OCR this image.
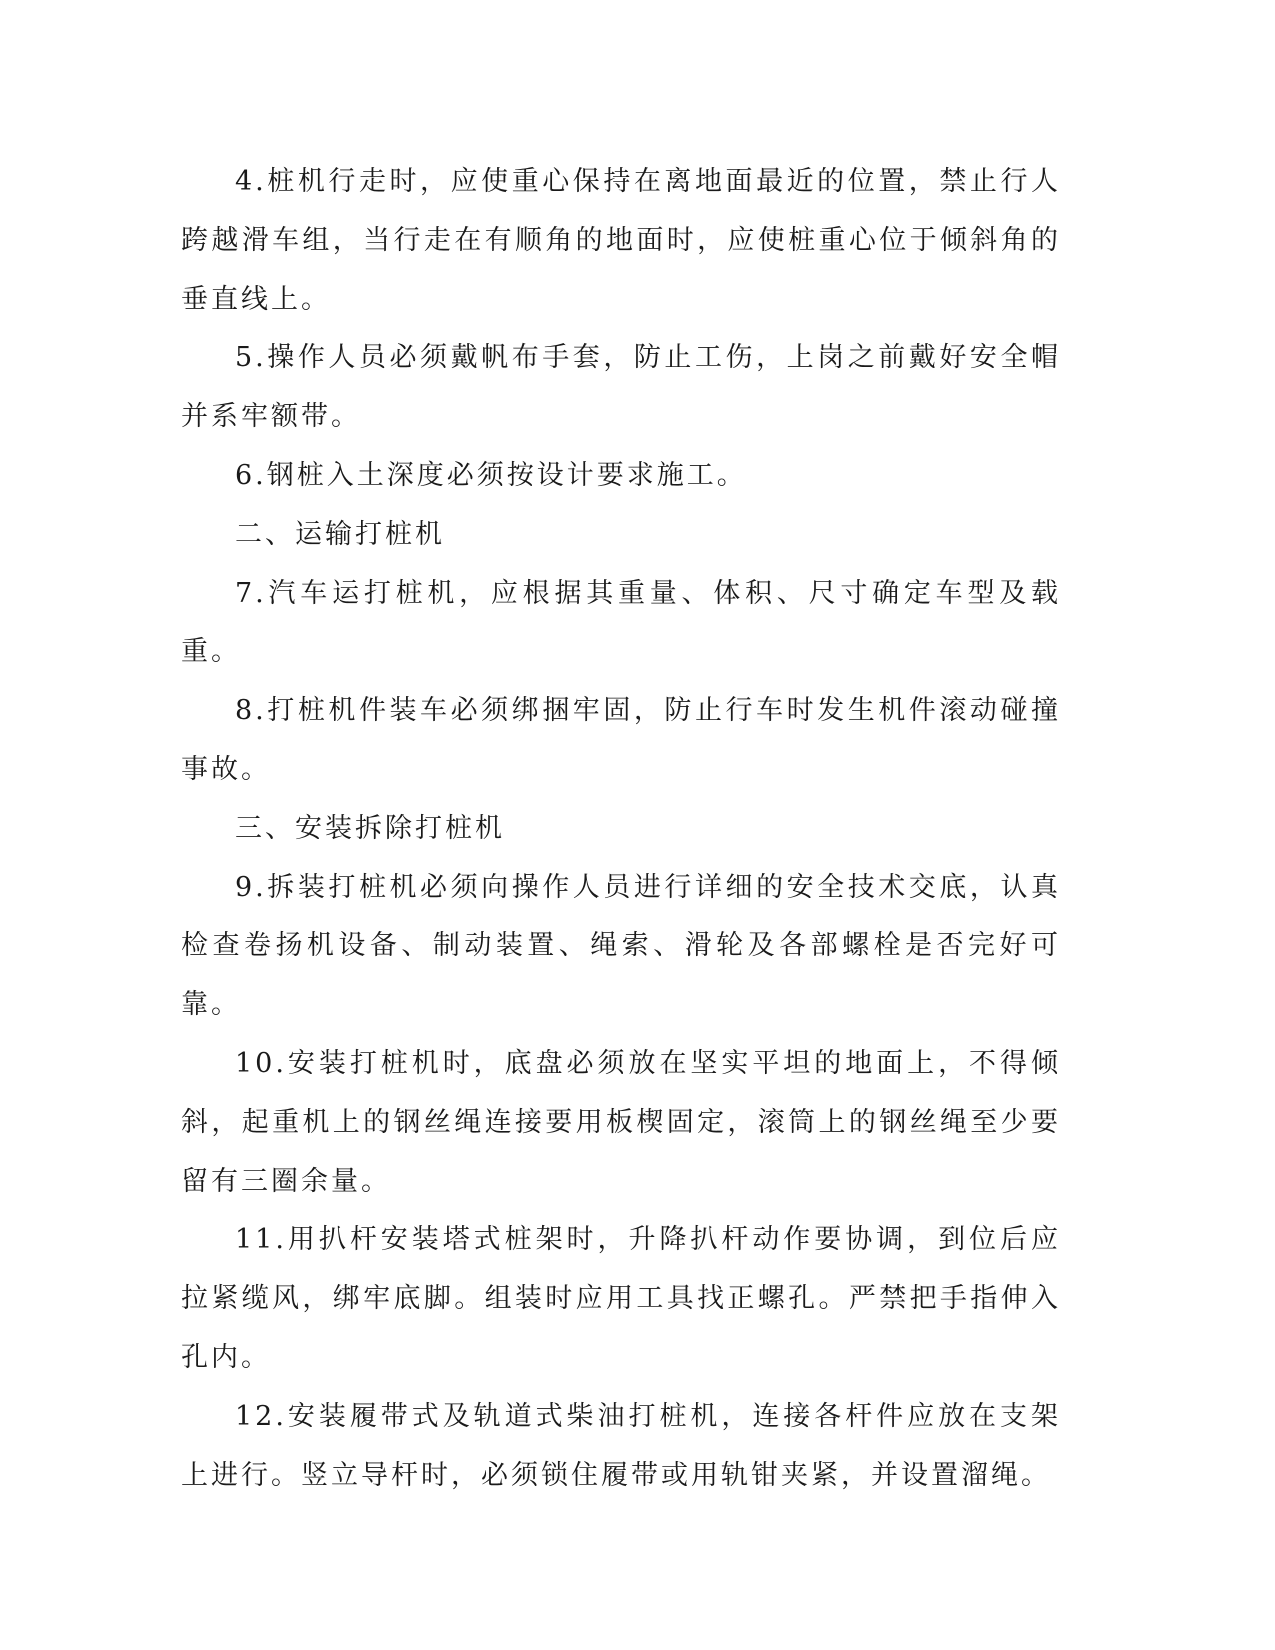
4.桩机行走时，应使重心保持在离地面最近的位置，禁止行人跨越滑车组，当行走在有顺角的地面时，应使桩重心位于倾斜角的垂直线上。

5.操作人员必须戴帆布手套，防止工伤，上岗之前戴好安全帽并系牢额带。

6.钢桩入土深度必须按设计要求施工。

二、运输打桩机

7.汽车运打桩机，应根据其重量、体积、尺寸确定车型及载重。

8.打桩机件装车必须绑捆牢固，防止行车时发生机件滚动碰撞事故。

三、安装拆除打桩机

9.拆装打桩机必须向操作人员进行详细的安全技术交底，认真检查卷扬机设备、制动装置、绳索、滑轮及各部螺栓是否完好可靠。

10.安装打桩机时，底盘必须放在坚实平坦的地面上，不得倾斜，起重机上的钢丝绳连接要用板楔固定，滚筒上的钢丝绳至少要留有三圈余量。

11.用扒杆安装塔式桩架时，升降扒杆动作要协调，到位后应拉紧缆风，绑牢底脚。组装时应用工具找正螺孔。严禁把手指伸入孔内。

12.安装履带式及轨道式柴油打桩机，连接各杆件应放在支架上进行。竖立导杆时，必须锁住履带或用轨钳夹紧，并设置溜绳。
